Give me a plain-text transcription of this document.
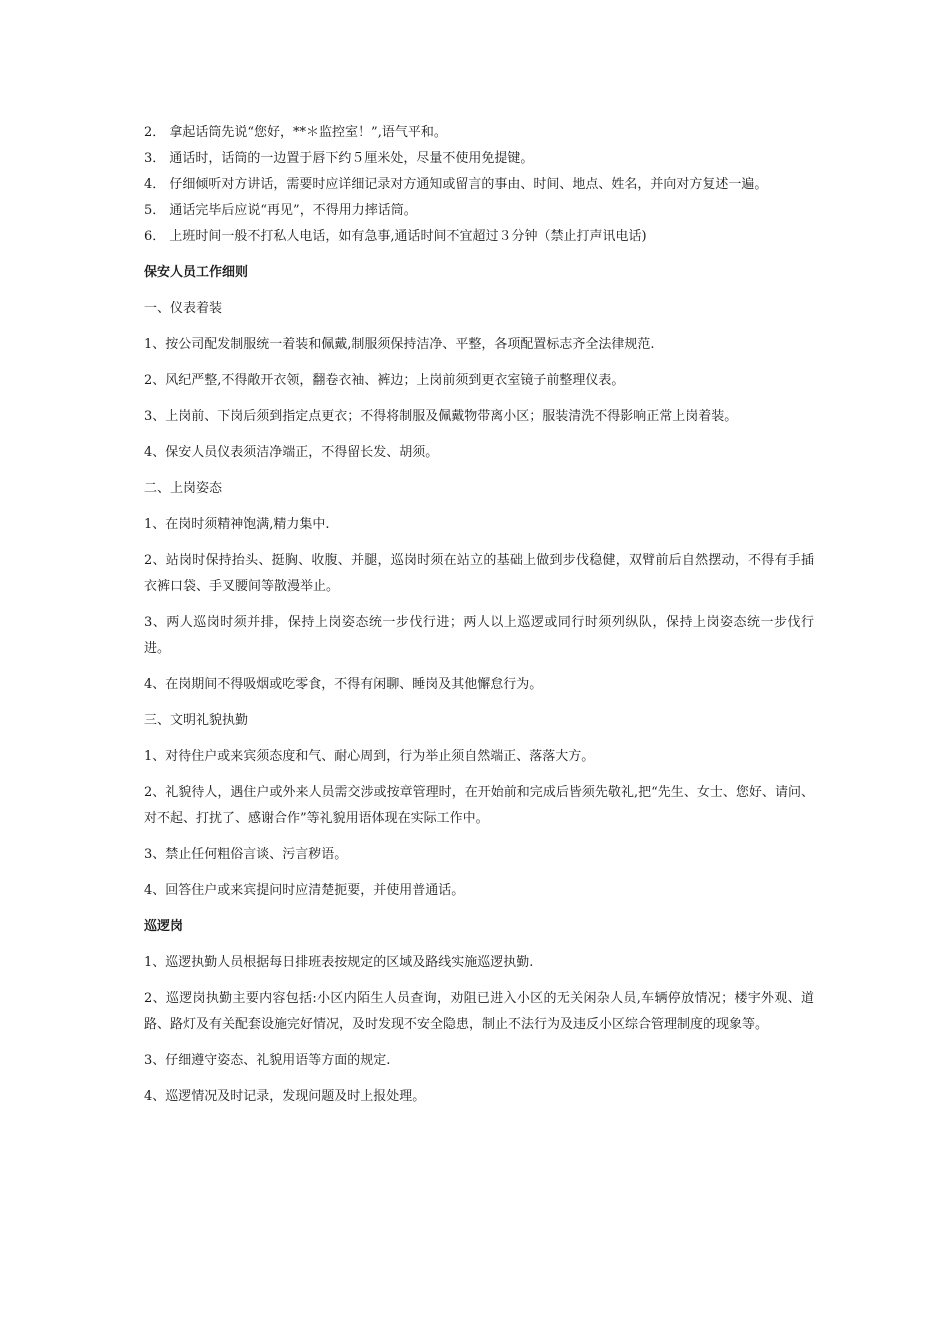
2． 拿起话筒先说“您好，**＊监控室！”,语气平和。

3． 通话时，话筒的一边置于唇下约５厘米处，尽量不使用免提键。

4． 仔细倾听对方讲话，需要时应详细记录对方通知或留言的事由、时间、地点、姓名，并向对方复述一遍。

5． 通话完毕后应说“再见”，不得用力摔话筒。

6． 上班时间一般不打私人电话，如有急事,通话时间不宜超过３分钟（禁止打声讯电话)

保安人员工作细则

一、仪表着装

1、按公司配发制服统一着装和佩戴,制服须保持洁净、平整，各项配置标志齐全法律规范.

2、风纪严整,不得敞开衣领，翻卷衣袖、裤边；上岗前须到更衣室镜子前整理仪表。

3、上岗前、下岗后须到指定点更衣；不得将制服及佩戴物带离小区；服装清洗不得影响正常上岗着装。

4、保安人员仪表须洁净端正，不得留长发、胡须。

二、上岗姿态

1、在岗时须精神饱满,精力集中.

2、站岗时保持抬头、挺胸、收腹、并腿，巡岗时须在站立的基础上做到步伐稳健，双臂前后自然摆动，不得有手插衣裤口袋、手叉腰间等散漫举止。

3、两人巡岗时须并排，保持上岗姿态统一步伐行进；两人以上巡逻或同行时须列纵队，保持上岗姿态统一步伐行进。

4、在岗期间不得吸烟或吃零食，不得有闲聊、睡岗及其他懈怠行为。

三、文明礼貌执勤

1、对待住户或来宾须态度和气、耐心周到，行为举止须自然端正、落落大方。

2、礼貌待人，遇住户或外来人员需交涉或按章管理时，在开始前和完成后皆须先敬礼,把“先生、女士、您好、请问、对不起、打扰了、感谢合作”等礼貌用语体现在实际工作中。

3、禁止任何粗俗言谈、污言秽语。

4、回答住户或来宾提问时应清楚扼要，并使用普通话。

巡逻岗

1、巡逻执勤人员根据每日排班表按规定的区域及路线实施巡逻执勤.

2、巡逻岗执勤主要内容包括:小区内陌生人员查询，劝阻已进入小区的无关闲杂人员,车辆停放情况；楼宇外观、道路、路灯及有关配套设施完好情况，及时发现不安全隐患，制止不法行为及违反小区综合管理制度的现象等。

3、仔细遵守姿态、礼貌用语等方面的规定.

4、巡逻情况及时记录，发现问题及时上报处理。
